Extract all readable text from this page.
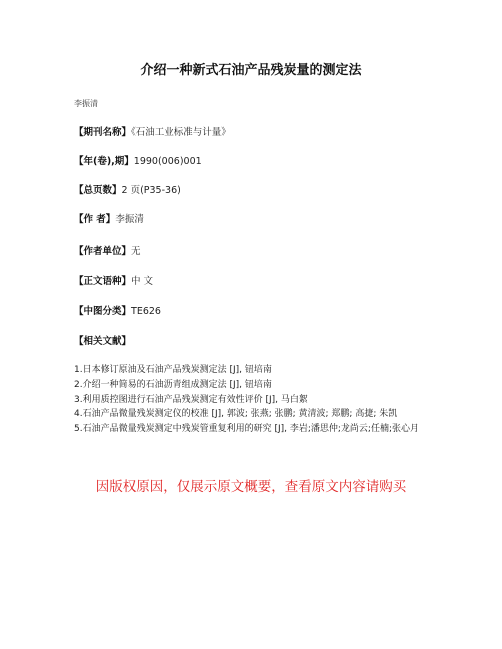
介绍一种新式石油产品残炭量的测定法
李振清
【期刊名称】《石油工业标准与计量》
【年(卷),期】1990(006)001
【总页数】2 页(P35-36)
【作 者】李振清
【作者单位】无
【正文语种】中 文
【中图分类】TE626
【相关文献】

1.日本修订原油及石油产品残炭测定法 [J], 钮培南

2.介绍一种简易的石油沥青组成测定法 [J], 钮培南

3.利用质控图进行石油产品残炭测定有效性评价 [J], 马白絮

4.石油产品微量残炭测定仪的校准 [J], 郭波; 张燕; 张鹏; 黄清波; 郑鹏; 高捷; 朱凯

5.石油产品微量残炭测定中残炭管重复利用的研究 [J], 李岩;潘思仲;龙尚云;任楠;张心月

因版权原因，仅展示原文概要，查看原文内容请购买
